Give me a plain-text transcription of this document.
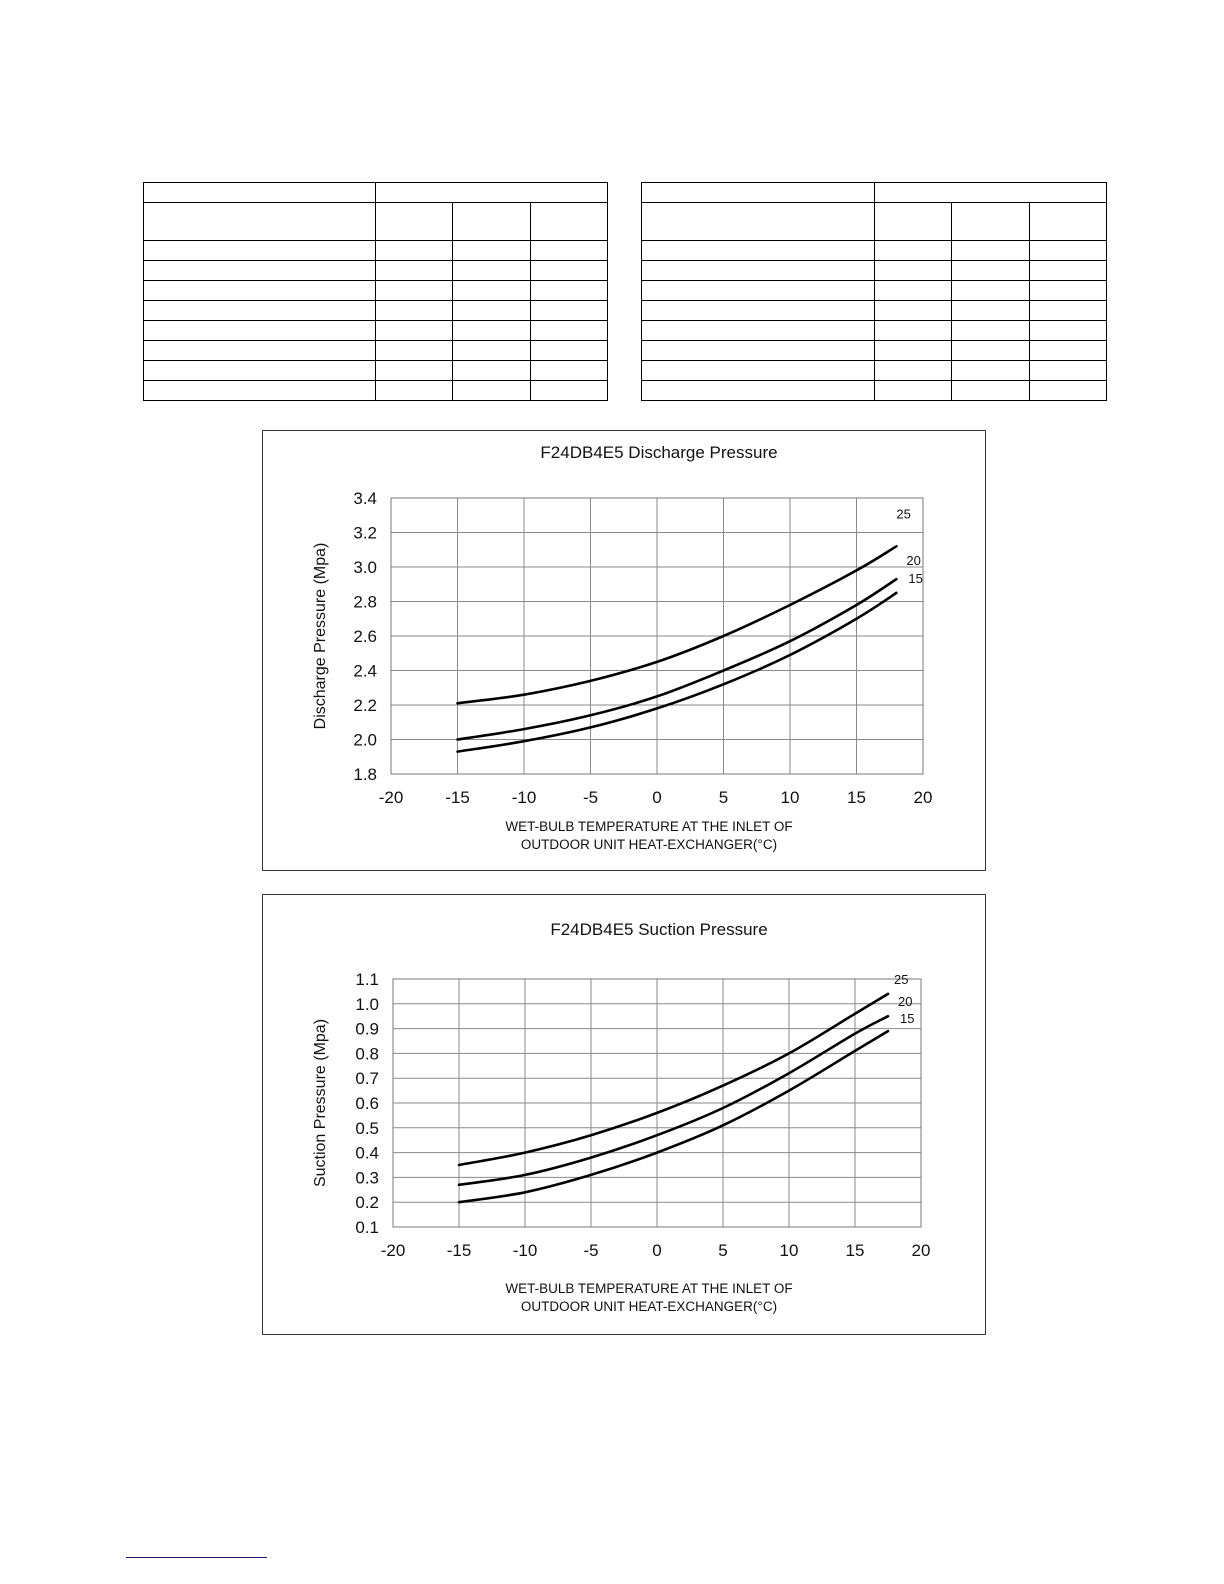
1.8
2.0
2.2
2.4
2.6
2.8
3.0
3.2
3.4
-20 -15 -10	-5	0	5	10	15	20
F24DB4E5 Discharge Pressure
WET-BULB TEMPERATURE AT THE INLET OF
OUTDOOR UNIT HEAT-EXCHANGER(°C)
Discharge Pressure (Mpa)
25
20
15
0.1
0.2
0.3
0.4
0.5
0.6
0.7
0.8
0.9
1.0
1.1
-20 -15 -10	-5	0	5	10	15	20
F24DB4E5 Suction Pressure
WET-BULB TEMPERATURE AT THE INLET OF
OUTDOOR UNIT HEAT-EXCHANGER(°C)
Suction Pressure (Mpa)
25
20
15
